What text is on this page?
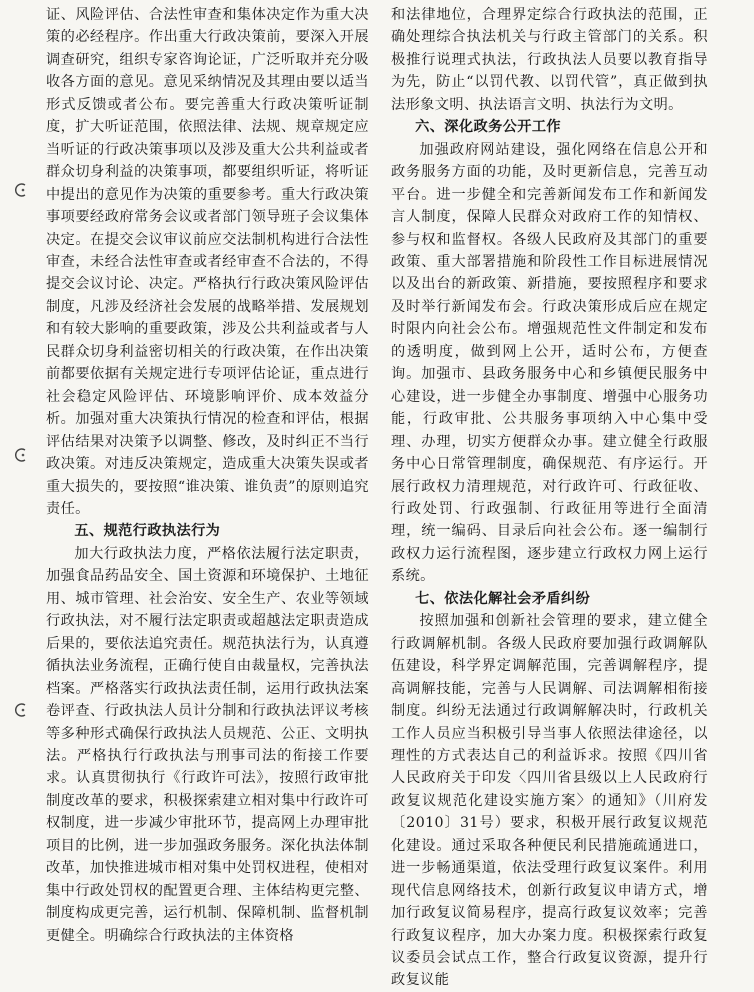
证、风险评估、合法性审查和集体决定作为重大决策的必经程序。作出重大行政决策前，要深入开展调查研究，组织专家咨询论证，广泛听取并充分吸收各方面的意见。意见采纳情况及其理由要以适当形式反馈或者公布。要完善重大行政决策听证制度，扩大听证范围，依照法律、法规、规章规定应当听证的行政决策事项以及涉及重大公共利益或者群众切身利益的决策事项，都要组织听证，将听证中提出的意见作为决策的重要参考。重大行政决策事项要经政府常务会议或者部门领导班子会议集体决定。在提交会议审议前应交法制机构进行合法性审查，未经合法性审查或者经审查不合法的，不得提交会议讨论、决定。严格执行行政决策风险评估制度，凡涉及经济社会发展的战略举措、发展规划和有较大影响的重要政策，涉及公共利益或者与人民群众切身利益密切相关的行政决策，在作出决策前都要依据有关规定进行专项评估论证，重点进行社会稳定风险评估、环境影响评价、成本效益分析。加强对重大决策执行情况的检查和评估，根据评估结果对决策予以调整、修改，及时纠正不当行政决策。对违反决策规定，造成重大决策失误或者重大损失的，要按照“谁决策、谁负责”的原则追究责任。

五、规范行政执法行为

加大行政执法力度，严格依法履行法定职责，加强食品药品安全、国土资源和环境保护、土地征用、城市管理、社会治安、安全生产、农业等领域行政执法，对不履行法定职责或超越法定职责造成后果的，要依法追究责任。规范执法行为，认真遵循执法业务流程，正确行使自由裁量权，完善执法档案。严格落实行政执法责任制，运用行政执法案卷评查、行政执法人员计分制和行政执法评议考核等多种形式确保行政执法人员规范、公正、文明执法。严格执行行政执法与刑事司法的衔接工作要求。认真贯彻执行《行政许可法》，按照行政审批制度改革的要求，积极探索建立相对集中行政许可权制度，进一步减少审批环节，提高网上办理审批项目的比例，进一步加强政务服务。深化执法体制改革，加快推进城市相对集中处罚权进程，使相对集中行政处罚权的配置更合理、主体结构更完整、制度构成更完善，运行机制、保障机制、监督机制更健全。明确综合行政执法的主体资格

和法律地位，合理界定综合行政执法的范围，正确处理综合执法机关与行政主管部门的关系。积极推行说理式执法，行政执法人员要以教育指导为先，防止“以罚代教、以罚代管”，真正做到执法形象文明、执法语言文明、执法行为文明。

六、深化政务公开工作

加强政府网站建设，强化网络在信息公开和政务服务方面的功能，及时更新信息，完善互动平台。进一步健全和完善新闻发布工作和新闻发言人制度，保障人民群众对政府工作的知情权、参与权和监督权。各级人民政府及其部门的重要政策、重大部署措施和阶段性工作目标进展情况以及出台的新政策、新措施，要按照程序和要求及时举行新闻发布会。行政决策形成后应在规定时限内向社会公布。增强规范性文件制定和发布的透明度，做到网上公开，适时公布，方便查询。加强市、县政务服务中心和乡镇便民服务中心建设，进一步健全办事制度、增强中心服务功能，行政审批、公共服务事项纳入中心集中受理、办理，切实方便群众办事。建立健全行政服务中心日常管理制度，确保规范、有序运行。开展行政权力清理规范，对行政许可、行政征收、行政处罚、行政强制、行政征用等进行全面清理，统一编码、目录后向社会公布。逐一编制行政权力运行流程图，逐步建立行政权力网上运行系统。

七、依法化解社会矛盾纠纷

按照加强和创新社会管理的要求，建立健全行政调解机制。各级人民政府要加强行政调解队伍建设，科学界定调解范围，完善调解程序，提高调解技能，完善与人民调解、司法调解相衔接制度。纠纷无法通过行政调解解决时，行政机关工作人员应当积极引导当事人依照法律途径，以理性的方式表达自己的利益诉求。按照《四川省人民政府关于印发〈四川省县级以上人民政府行政复议规范化建设实施方案〉的通知》（川府发〔2010〕31号）要求，积极开展行政复议规范化建设。通过采取各种便民利民措施疏通进口，进一步畅通渠道，依法受理行政复议案件。利用现代信息网络技术，创新行政复议申请方式，增加行政复议简易程序，提高行政复议效率；完善行政复议程序，加大办案力度。积极探索行政复议委员会试点工作，整合行政复议资源，提升行政复议能
